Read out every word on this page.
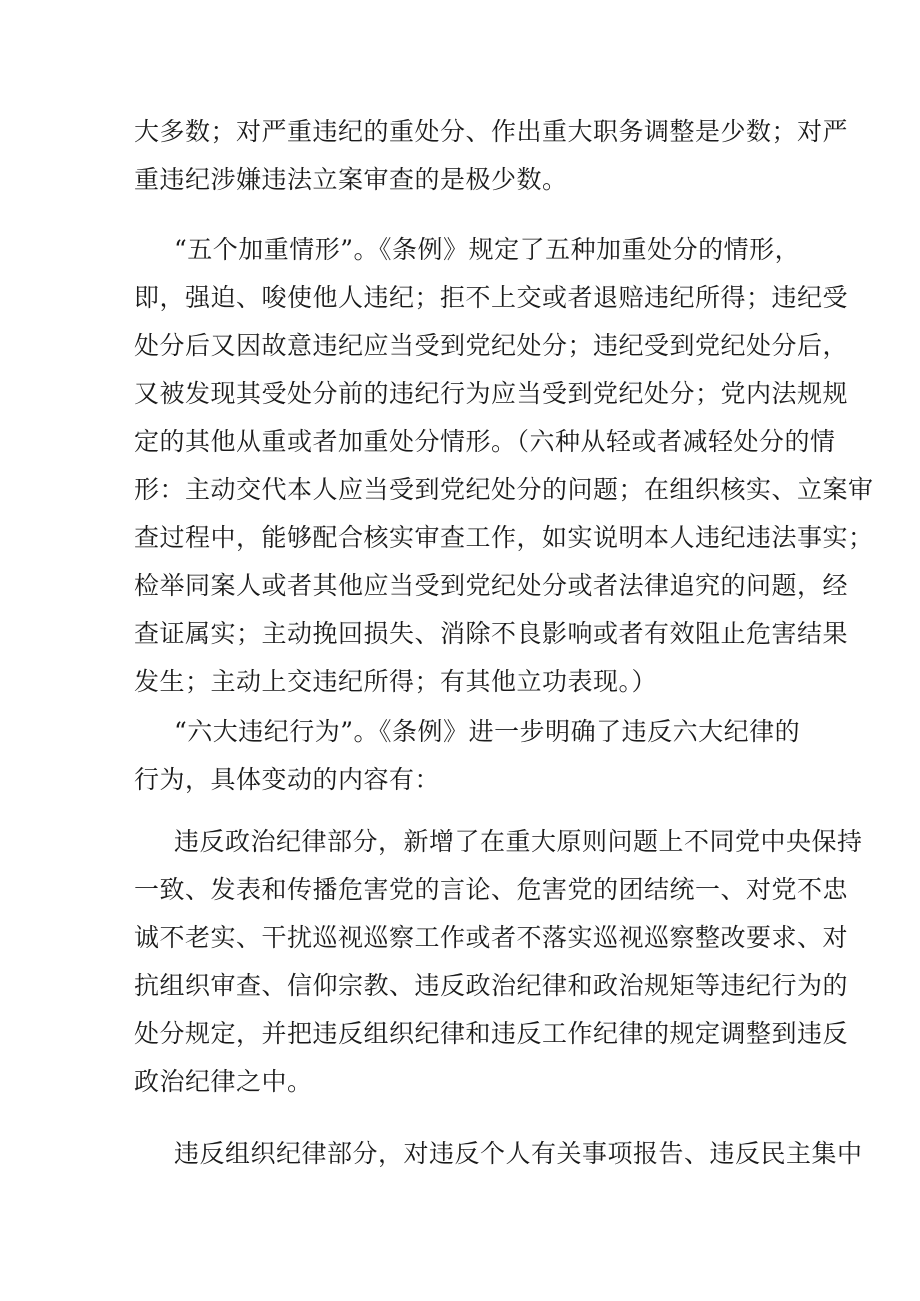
大多数；对严重违纪的重处分、作出重大职务调整是少数；对严
重违纪涉嫌违法立案审查的是极少数。
“五个加重情形”。《条例》规定了五种加重处分的情形，
即，强迫、唆使他人违纪；拒不上交或者退赔违纪所得；违纪受
处分后又因故意违纪应当受到党纪处分；违纪受到党纪处分后，
又被发现其受处分前的违纪行为应当受到党纪处分；党内法规规
定的其他从重或者加重处分情形。（六种从轻或者减轻处分的情
形：主动交代本人应当受到党纪处分的问题；在组织核实、立案审
查过程中，能够配合核实审查工作，如实说明本人违纪违法事实；
检举同案人或者其他应当受到党纪处分或者法律追究的问题，经
查证属实；主动挽回损失、消除不良影响或者有效阻止危害结果
发生；主动上交违纪所得；有其他立功表现。）
“六大违纪行为”。《条例》进一步明确了违反六大纪律的
行为，具体变动的内容有：
违反政治纪律部分，新增了在重大原则问题上不同党中央保持
一致、发表和传播危害党的言论、危害党的团结统一、对党不忠
诚不老实、干扰巡视巡察工作或者不落实巡视巡察整改要求、对
抗组织审查、信仰宗教、违反政治纪律和政治规矩等违纪行为的
处分规定，并把违反组织纪律和违反工作纪律的规定调整到违反
政治纪律之中。
违反组织纪律部分，对违反个人有关事项报告、违反民主集中
